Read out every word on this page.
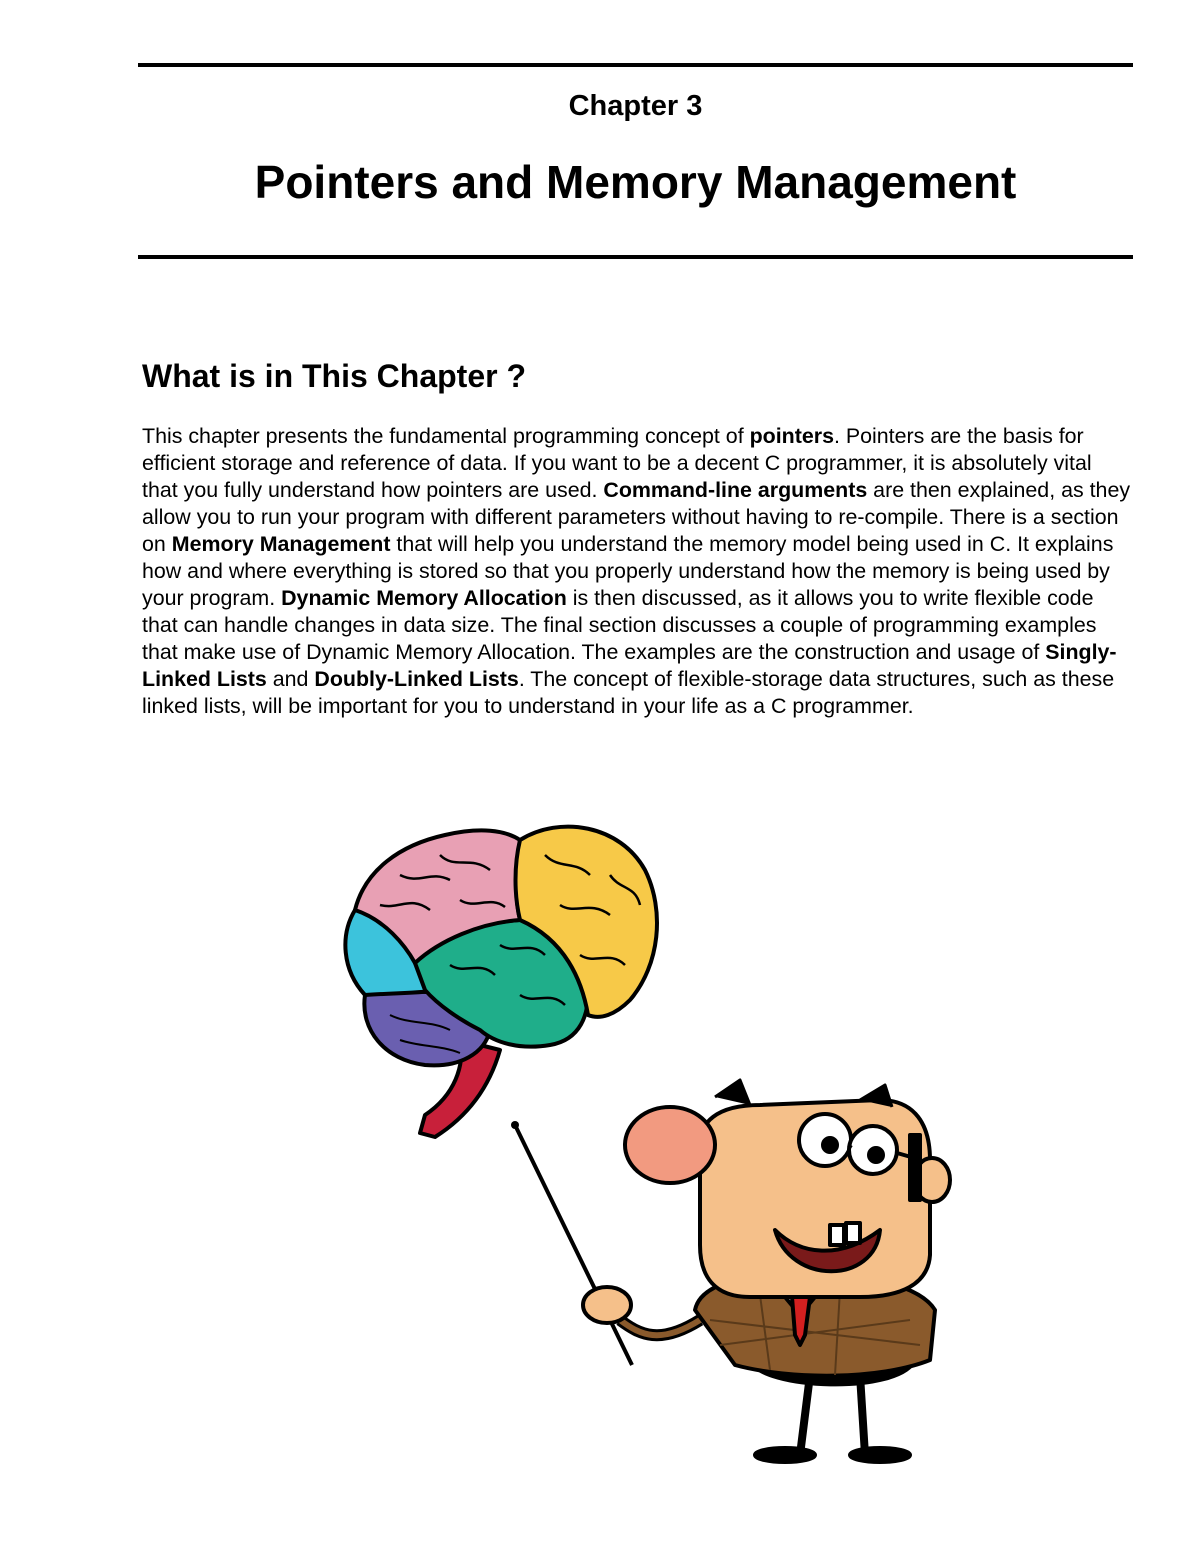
Chapter 3
Pointers and Memory Management
What is in This Chapter ?

This chapter presents the fundamental programming concept of pointers. Pointers are the basis for efficient storage and reference of data. If you want to be a decent C programmer, it is absolutely vital that you fully understand how pointers are used. Command-line arguments are then explained, as they allow you to run your program with different parameters without having to re-compile. There is a section on Memory Management that will help you understand the memory model being used in C. It explains how and where everything is stored so that you properly understand how the memory is being used by your program. Dynamic Memory Allocation is then discussed, as it allows you to write flexible code that can handle changes in data size. The final section discusses a couple of programming examples that make use of Dynamic Memory Allocation. The examples are the construction and usage of Singly-Linked Lists and Doubly-Linked Lists. The concept of flexible-storage data structures, such as these linked lists, will be important for you to understand in your life as a C programmer.
